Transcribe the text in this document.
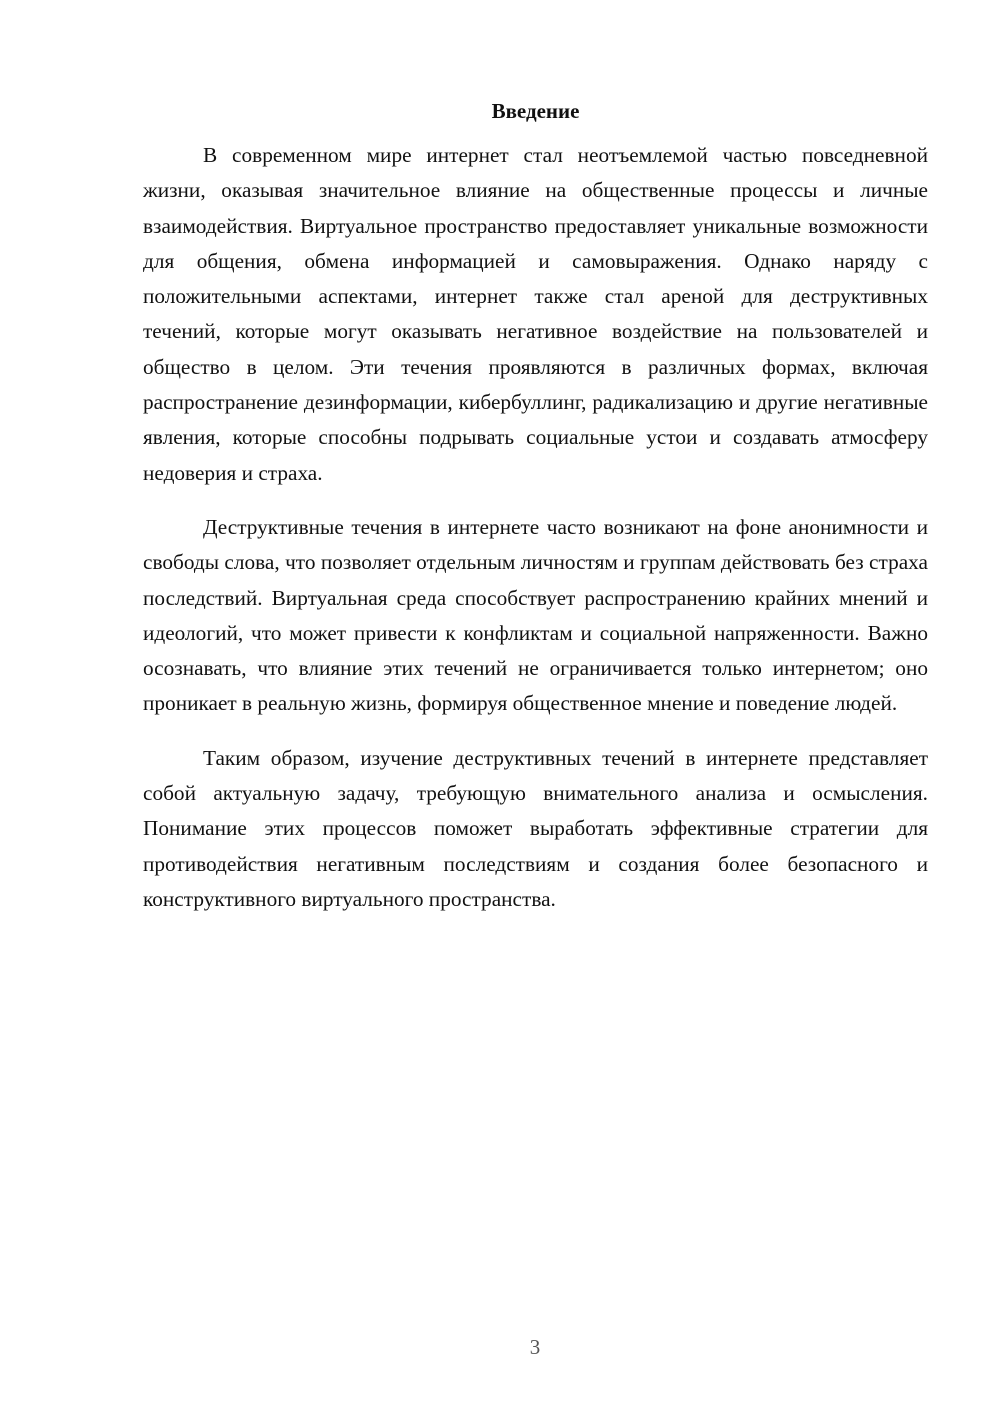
Введение

В современном мире интернет стал неотъемлемой частью повседневной жизни, оказывая значительное влияние на общественные процессы и личные взаимодействия. Виртуальное пространство предоставляет уникальные возможности для общения, обмена информацией и самовыражения. Однако наряду с положительными аспектами, интернет также стал ареной для деструктивных течений, которые могут оказывать негативное воздействие на пользователей и общество в целом. Эти течения проявляются в различных формах, включая распространение дезинформации, кибербуллинг, радикализацию и другие негативные явления, которые способны подрывать социальные устои и создавать атмосферу недоверия и страха.

Деструктивные течения в интернете часто возникают на фоне анонимности и свободы слова, что позволяет отдельным личностям и группам действовать без страха последствий. Виртуальная среда способствует распространению крайних мнений и идеологий, что может привести к конфликтам и социальной напряженности. Важно осознавать, что влияние этих течений не ограничивается только интернетом; оно проникает в реальную жизнь, формируя общественное мнение и поведение людей.

Таким образом, изучение деструктивных течений в интернете представляет собой актуальную задачу, требующую внимательного анализа и осмысления. Понимание этих процессов поможет выработать эффективные стратегии для противодействия негативным последствиям и создания более безопасного и конструктивного виртуального пространства.

3
